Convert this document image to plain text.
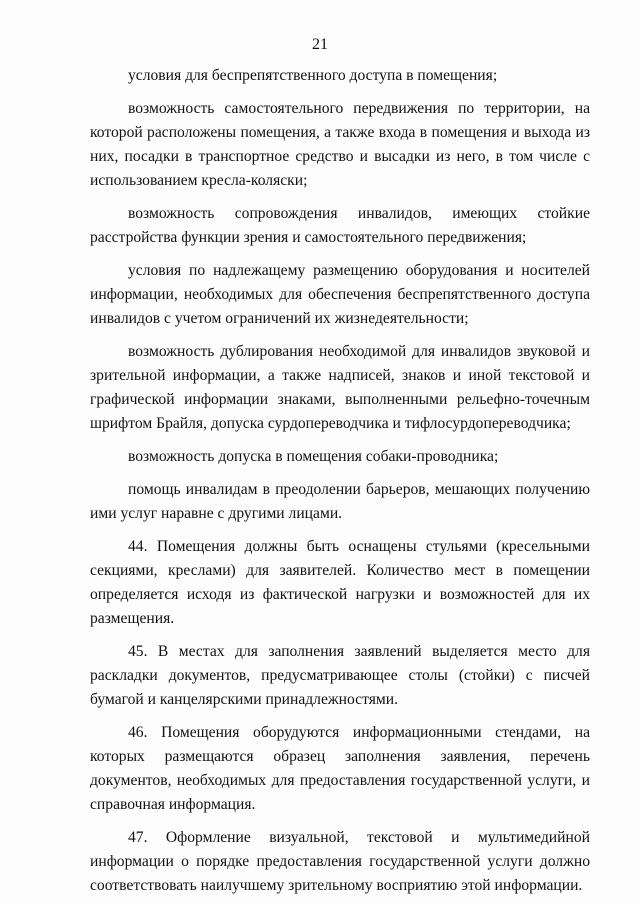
21

условия для беспрепятственного доступа в помещения;

возможность самостоятельного передвижения по территории, на которой расположены помещения, а также входа в помещения и выхода из них, посадки в транспортное средство и высадки из него, в том числе с использованием кресла-коляски;

возможность сопровождения инвалидов, имеющих стойкие расстройства функции зрения и самостоятельного передвижения;

условия по надлежащему размещению оборудования и носителей информации, необходимых для обеспечения беспрепятственного доступа инвалидов с учетом ограничений их жизнедеятельности;

возможность дублирования необходимой для инвалидов звуковой и зрительной информации, а также надписей, знаков и иной текстовой и графической информации знаками, выполненными рельефно-точечным шрифтом Брайля, допуска сурдопереводчика и тифлосурдопереводчика;

возможность допуска в помещения собаки-проводника;

помощь инвалидам в преодолении барьеров, мешающих получению ими услуг наравне с другими лицами.

44. Помещения должны быть оснащены стульями (кресельными секциями, креслами) для заявителей. Количество мест в помещении определяется исходя из фактической нагрузки и возможностей для их размещения.

45. В местах для заполнения заявлений выделяется место для раскладки документов, предусматривающее столы (стойки) с писчей бумагой и канцелярскими принадлежностями.

46. Помещения оборудуются информационными стендами, на которых размещаются образец заполнения заявления, перечень документов, необходимых для предоставления государственной услуги, и справочная информация.

47. Оформление визуальной, текстовой и мультимедийной информации о порядке предоставления государственной услуги должно соответствовать наилучшему зрительному восприятию этой информации.
